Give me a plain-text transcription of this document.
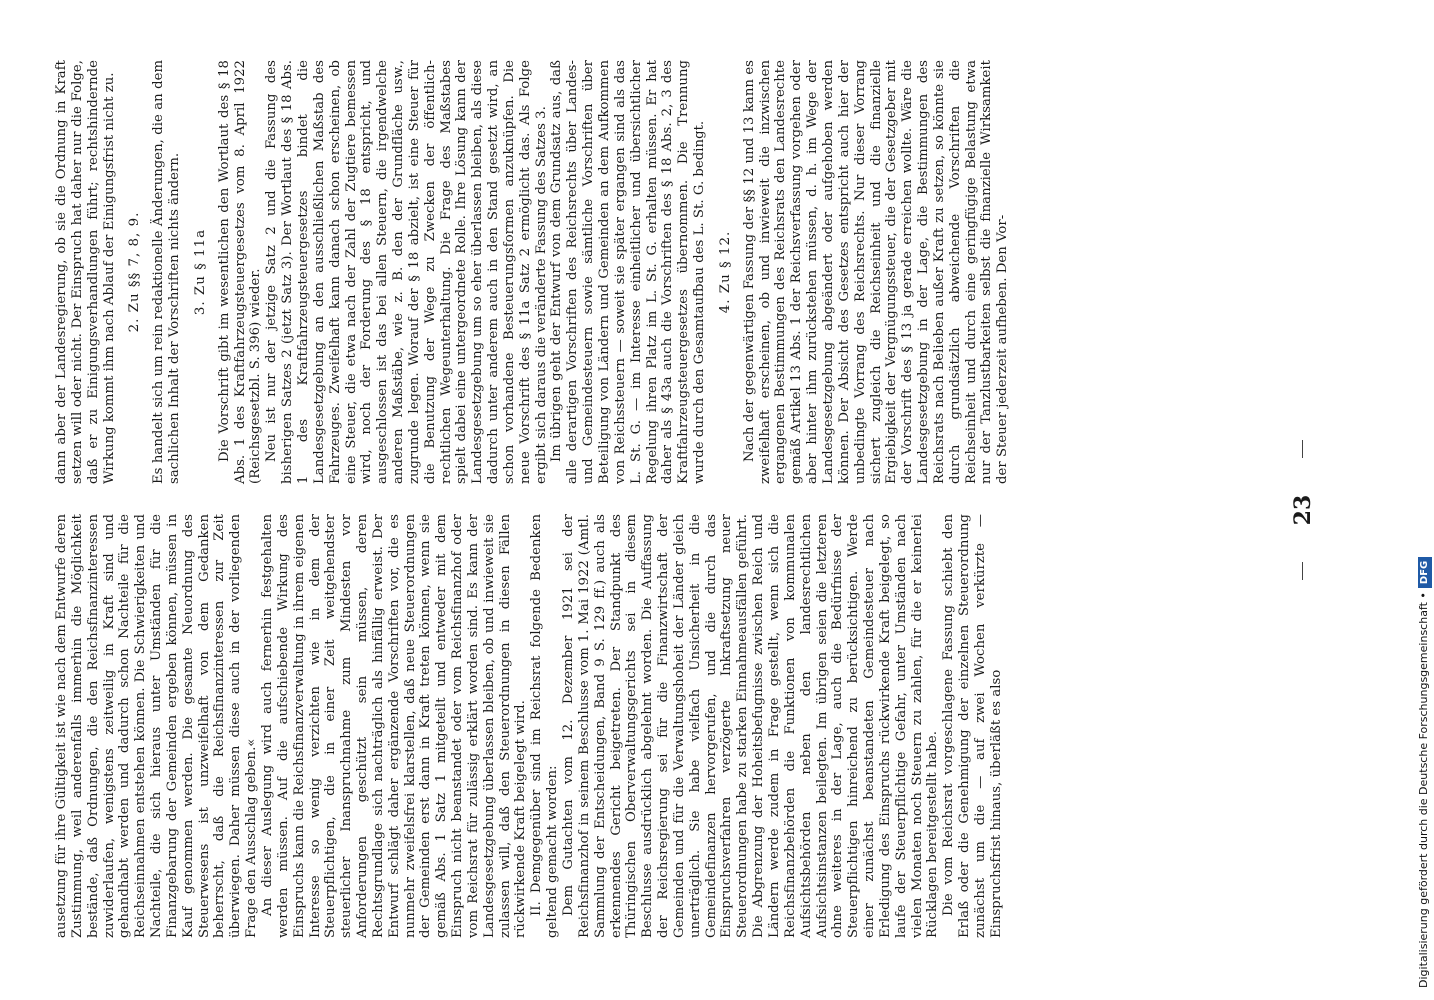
23

ausetzung für ihre Gültigkeit ist wie nach dem Entwurfe deren Zustimmung, weil anderenfalls immerhin die Möglichkeit bestände, daß Ordnungen, die den Reichsfinanzinteressen zuwiderlaufen, wenigstens zeitweilig in Kraft sind und gehandhabt werden und dadurch schon Nachteile für die Reichseinnahmen entstehen können. Die Schwierigkeiten und Nachteile, die sich hieraus unter Umständen für die Finanzgebarung der Gemeinden ergeben können, müssen in Kauf genommen werden. Die gesamte Neuordnung des Steuerwesens ist unzweifelhaft von dem Gedanken beherrscht, daß die Reichsfinanzinteressen zur Zeit überwiegen. Daher müssen diese auch in der vorliegenden Frage den Ausschlag geben.« An dieser Auslegung wird auch fernerhin festgehalten werden müssen. Auf die aufschiebende Wirkung des Einspruchs kann die Reichsfinanzverwaltung in ihrem eigenen Interesse so wenig verzichten wie in dem der Steuerpflichtigen, die in einer Zeit weitgehendster steuerlicher Inanspruchnahme zum Mindesten vor Anforderungen geschützt sein müssen, deren Rechtsgrundlage sich nachträglich als hinfällig erweist. Der Entwurf schlägt daher ergänzende Vorschriften vor, die es nunmehr zweifelsfrei klarstellen, daß neue Steuerordnungen der Gemeinden erst dann in Kraft treten können, wenn sie gemäß Abs. 1 Satz 1 mitgeteilt und entweder mit dem Einspruch nicht beanstandet oder vom Reichsfinanzhof oder vom Reichsrat für zulässig erklärt worden sind. Es kann der Landesgesetzgebung überlassen bleiben, ob und inwieweit sie zulassen will, daß den Steuerordnungen in diesen Fällen rückwirkende Kraft beigelegt wird. II. Demgegenüber sind im Reichsrat folgende Bedenken geltend gemacht worden: Dem Gutachten vom 12. Dezember 1921 sei der Reichsfinanzhof in seinem Beschlusse vom 1. Mai 1922 (Amtl. Sammlung der Entscheidungen, Band 9 S. 129 ff.) auch als erkennendes Gericht beigetreten. Der Standpunkt des Thüringischen Oberverwaltungsgerichts sei in diesem Beschlusse ausdrücklich abgelehnt worden. Die Auffassung der Reichsregierung sei für die Finanzwirtschaft der Gemeinden und für die Verwaltungshoheit der Länder gleich unerträglich. Sie habe vielfach Unsicherheit in die Gemeindefinanzen hervorgerufen, und die durch das Einspruchsverfahren verzögerte Inkraftsetzung neuer Steuerordnungen habe zu starken Einnahmeausfällen geführt. Die Abgrenzung der Hoheitsbefugnisse zwischen Reich und Ländern werde zudem in Frage gestellt, wenn sich die Reichsfinanzbehörden die Funktionen von kommunalen Aufsichtsbehörden neben den landesrechtlichen Aufsichtsinstanzen beilegten. Im übrigen seien die letzteren ohne weiteres in der Lage, auch die Bedürfnisse der Steuerpflichtigen hinreichend zu berücksichtigen. Werde einer zunächst beanstandeten Gemeindesteuer nach Erledigung des Einspruchs rückwirkende Kraft beigelegt, so laufe der Steuerpflichtige Gefahr, unter Umständen nach vielen Monaten noch Steuern zu zahlen, für die er keinerlei Rücklagen bereitgestellt habe. Die vom Reichsrat vorgeschlagene Fassung schiebt den Erlaß oder die Genehmigung der einzelnen Steuerordnung zunächst um die — auf zwei Wochen verkürzte — Einspruchsfrist hinaus, überläßt es also

dann aber der Landesregierung, ob sie die Ordnung in Kraft setzen will oder nicht. Der Einspruch hat daher nur die Folge, daß er zu Einigungsverhandlungen führt; rechtshindernde Wirkung kommt ihm nach Ablauf der Einigungsfrist nicht zu. 2. Zu §§ 7, 8, 9. Es handelt sich um rein redaktionelle Änderungen, die an dem sachlichen Inhalt der Vorschriften nichts ändern. 3. Zu § 11a Die Vorschrift gibt im wesentlichen den Wortlaut des § 18 Abs. 1 des Kraftfahrzeugsteuergesetzes vom 8. April 1922 (Reichsgesetzbl. S. 396) wieder. Neu ist nur der jetzige Satz 2 und die Fassung des bisherigen Satzes 2 (jetzt Satz 3). Der Wortlaut des § 18 Abs. 1 des Kraftfahrzeugsteuergesetzes bindet die Landesgesetzgebung an den ausschließlichen Maßstab des Fahrzeuges. Zweifelhaft kann danach schon erscheinen, ob eine Steuer, die etwa nach der Zahl der Zugtiere bemessen wird, noch der Forderung des § 18 entspricht, und ausgeschlossen ist das bei allen Steuern, die irgendwelche anderen Maßstäbe, wie z. B. den der Grundfläche usw., zugrunde legen. Worauf der § 18 abzielt, ist eine Steuer für die Benutzung der Wege zu Zwecken der öffentlich-rechtlichen Wegeunterhaltung. Die Frage des Maßstabes spielt dabei eine untergeordnete Rolle. Ihre Lösung kann der Landesgesetzgebung um so eher überlassen bleiben, als diese dadurch unter anderem auch in den Stand gesetzt wird, an schon vorhandene Besteuerungsformen anzuknüpfen. Die neue Vorschrift des § 11a Satz 2 ermöglicht das. Als Folge ergibt sich daraus die veränderte Fassung des Satzes 3. Im übrigen geht der Entwurf von dem Grundsatz aus, daß alle derartigen Vorschriften des Reichsrechts über Landes- und Gemeindesteuern sowie sämtliche Vorschriften über Beteiligung von Ländern und Gemeinden an dem Aufkommen von Reichssteuern — soweit sie später ergangen sind als das L. St. G. — im Interesse einheitlicher und übersichtlicher Regelung ihren Platz im L. St. G. erhalten müssen. Er hat daher als § 43a auch die Vorschriften des § 18 Abs. 2, 3 des Kraftfahrzeugsteuergesetzes übernommen. Die Trennung wurde durch den Gesamtaufbau des L. St. G. bedingt. 4. Zu § 12. Nach der gegenwärtigen Fassung der §§ 12 und 13 kann es zweifelhaft erscheinen, ob und inwieweit die inzwischen ergangenen Bestimmungen des Reichsrats den Landesrechte gemäß Artikel 13 Abs. 1 der Reichsverfassung vorgehen oder aber hinter ihm zurückstehen müssen, d. h. im Wege der Landesgesetzgebung abgeändert oder aufgehoben werden können. Der Absicht des Gesetzes entspricht auch hier der unbedingte Vorrang des Reichsrechts. Nur dieser Vorrang sichert zugleich die Reichseinheit und die finanzielle Ergiebigkeit der Vergnügungssteuer, die der Gesetzgeber mit der Vorschrift des § 13 ja gerade erreichen wollte. Wäre die Landesgesetzgebung in der Lage, die Bestimmungen des Reichsrats nach Belieben außer Kraft zu setzen, so könnte sie durch grundsätzlich abweichende Vorschriften die Reichseinheit und durch eine geringfügige Belastung etwa nur der Tanzlustbarkeiten selbst die finanzielle Wirksamkeit der Steuer jederzeit aufheben. Den Vor-

Digitalisierung gefördert durch die Deutsche Forschungsgemeinschaft •DFG
